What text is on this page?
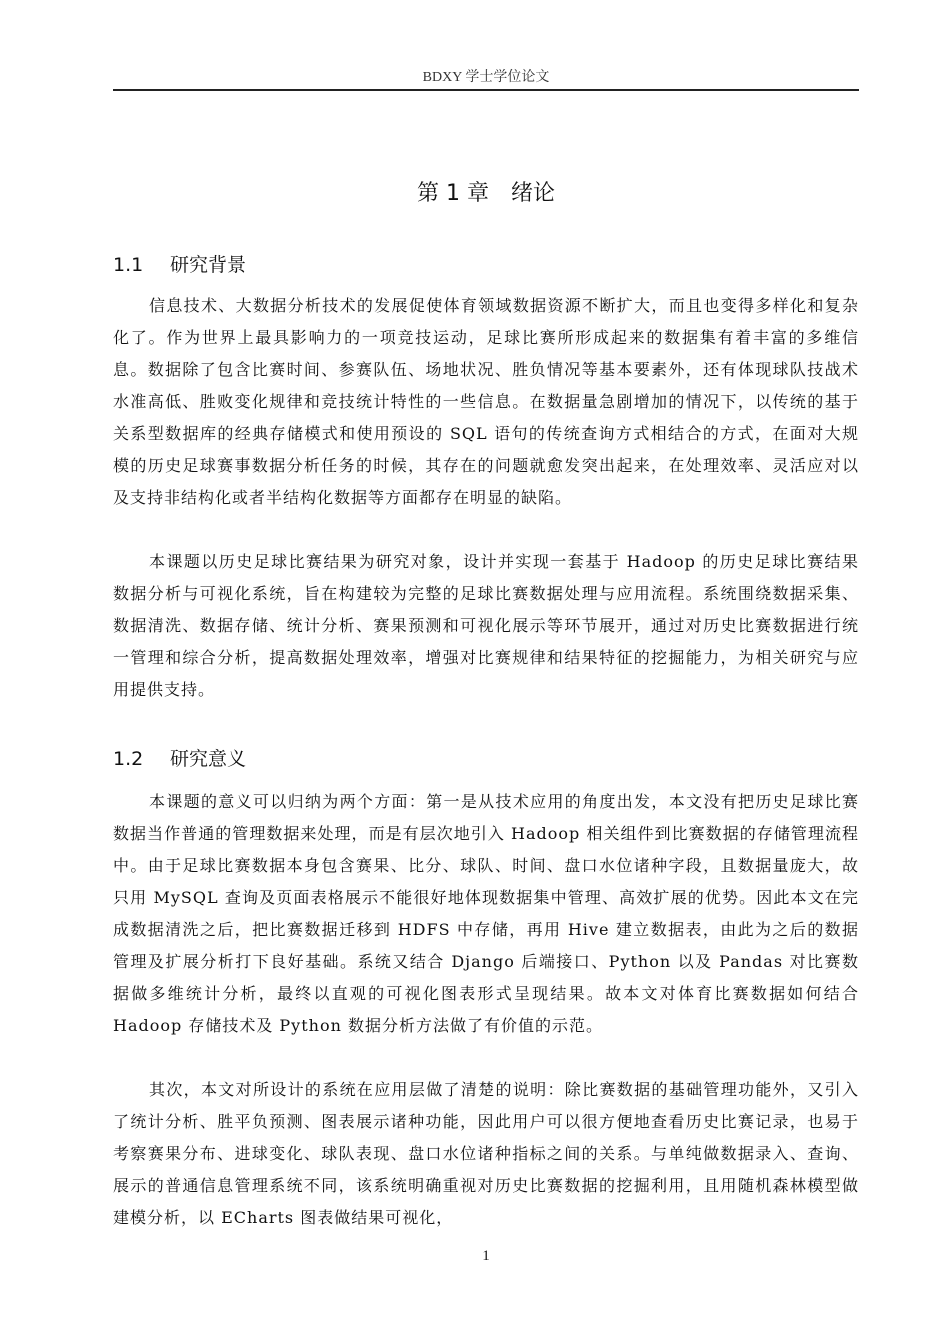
BDXY 学士学位论文
第 1 章　绪论
1.1 研究背景

信息技术、大数据分析技术的发展促使体育领域数据资源不断扩大，而且也变得多样化和复杂化了。作为世界上最具影响力的一项竞技运动，足球比赛所形成起来的数据集有着丰富的多维信息。数据除了包含比赛时间、参赛队伍、场地状况、胜负情况等基本要素外，还有体现球队技战术水准高低、胜败变化规律和竞技统计特性的一些信息。在数据量急剧增加的情况下，以传统的基于关系型数据库的经典存储模式和使用预设的 SQL 语句的传统查询方式相结合的方式，在面对大规模的历史足球赛事数据分析任务的时候，其存在的问题就愈发突出起来，在处理效率、灵活应对以及支持非结构化或者半结构化数据等方面都存在明显的缺陷。

本课题以历史足球比赛结果为研究对象，设计并实现一套基于 Hadoop 的历史足球比赛结果数据分析与可视化系统，旨在构建较为完整的足球比赛数据处理与应用流程。系统围绕数据采集、数据清洗、数据存储、统计分析、赛果预测和可视化展示等环节展开，通过对历史比赛数据进行统一管理和综合分析，提高数据处理效率，增强对比赛规律和结果特征的挖掘能力，为相关研究与应用提供支持。

1.2 研究意义

本课题的意义可以归纳为两个方面：第一是从技术应用的角度出发，本文没有把历史足球比赛数据当作普通的管理数据来处理，而是有层次地引入 Hadoop 相关组件到比赛数据的存储管理流程中。由于足球比赛数据本身包含赛果、比分、球队、时间、盘口水位诸种字段，且数据量庞大，故只用 MySQL 查询及页面表格展示不能很好地体现数据集中管理、高效扩展的优势。因此本文在完成数据清洗之后，把比赛数据迁移到 HDFS 中存储，再用 Hive 建立数据表，由此为之后的数据管理及扩展分析打下良好基础。系统又结合 Django 后端接口、Python 以及 Pandas 对比赛数据做多维统计分析，最终以直观的可视化图表形式呈现结果。故本文对体育比赛数据如何结合 Hadoop 存储技术及 Python 数据分析方法做了有价值的示范。

其次，本文对所设计的系统在应用层做了清楚的说明：除比赛数据的基础管理功能外，又引入了统计分析、胜平负预测、图表展示诸种功能，因此用户可以很方便地查看历史比赛记录，也易于考察赛果分布、进球变化、球队表现、盘口水位诸种指标之间的关系。与单纯做数据录入、查询、展示的普通信息管理系统不同，该系统明确重视对历史比赛数据的挖掘利用，且用随机森林模型做建模分析，以 ECharts 图表做结果可视化，

1
